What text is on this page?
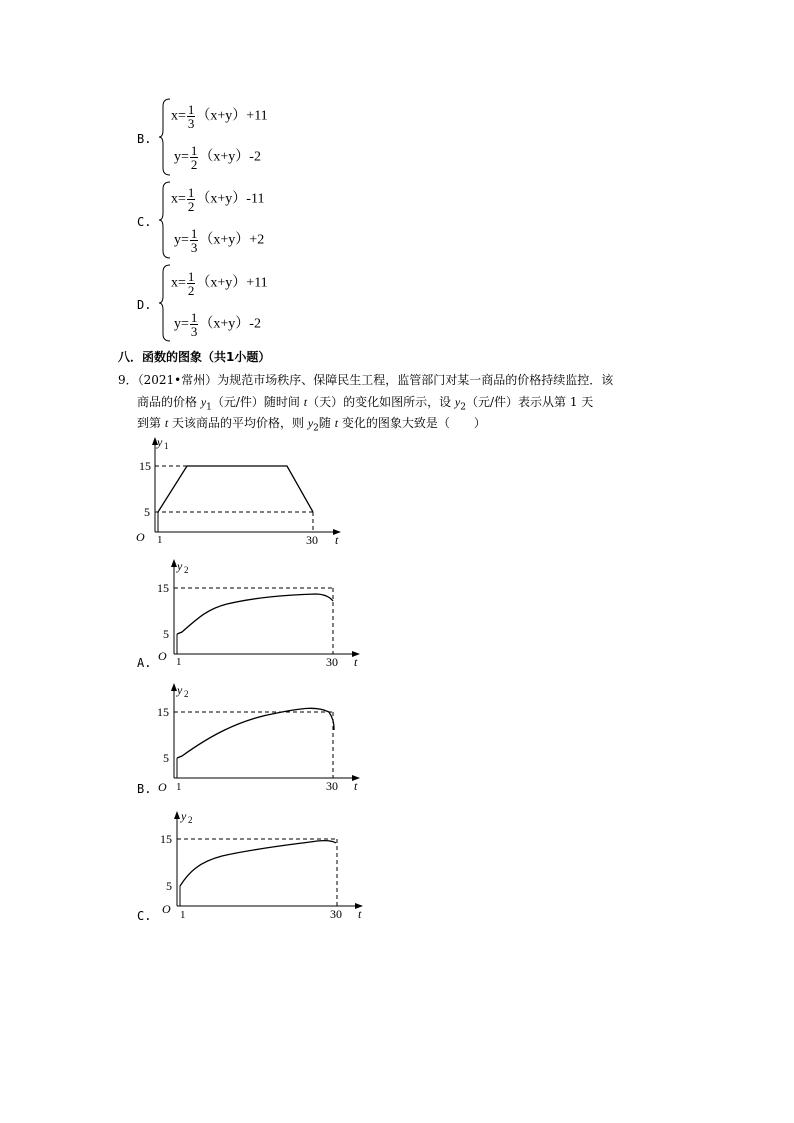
B.
$x= \frac{1}{3} (x+y)+11$
$y= \frac{1}{2} (x+y)-2$
C.
$x= \frac{1}{2} (x+y)-11$
$y= \frac{1}{3} (x+y)+2$
D.
$x= \frac{1}{2} (x+y)+11$
$y= \frac{1}{3} (x+y)-2$
八．函数的图象（共1小题）
9．（2021•常州）为规范市场秩序、保障民生工程，监管部门对某一商品的价格持续监控．该
商品的价格 $y_1$（元/件）随时间 t（天）的变化如图所示，设 $y_2$（元/件）表示从第 1 天
到第 t 天该商品的平均价格，则 $y_2$随 t 变化的图象大致是（　　）
y 1
15
5
O 1	30 t
y 2
15
5
O 1	30 t
A.
y 2
15
5
O 1	30 t
B.
y 2
15
5
O 1	30 t
C.
